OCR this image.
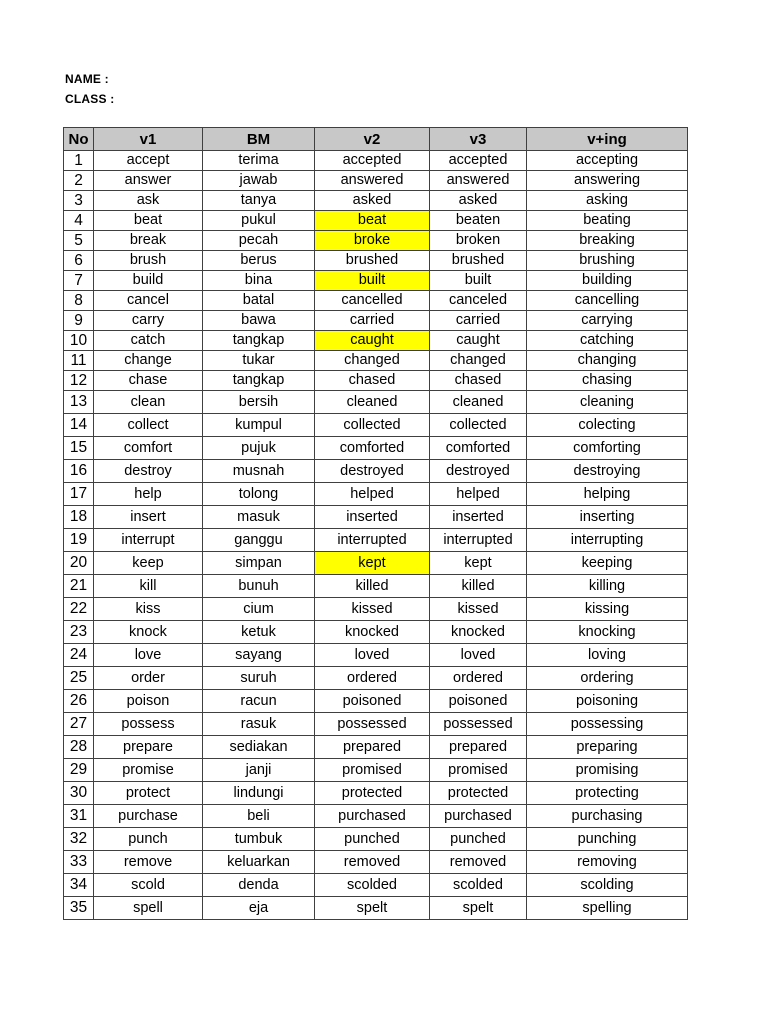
NAME :
CLASS :
No	v1	BM	v2	v3	v+ing
1	accept	terima	accepted	accepted	accepting
2	answer	jawab	answered	answered	answering
3	ask	tanya	asked	asked	asking
4	beat	pukul	beat	beaten	beating
5	break	pecah	broke	broken	breaking
6	brush	berus	brushed	brushed	brushing
7	build	bina	built	built	building
8	cancel	batal	cancelled	canceled	cancelling
9	carry	bawa	carried	carried	carrying
10	catch	tangkap	caught	caught	catching
11	change	tukar	changed	changed	changing
12	chase	tangkap	chased	chased	chasing
13	clean	bersih	cleaned	cleaned	cleaning
14	collect	kumpul	collected	collected	colecting
15	comfort	pujuk	comforted	comforted	comforting
16	destroy	musnah	destroyed	destroyed	destroying
17	help	tolong	helped	helped	helping
18	insert	masuk	inserted	inserted	inserting
19	interrupt	ganggu	interrupted	interrupted	interrupting
20	keep	simpan	kept	kept	keeping
21	kill	bunuh	killed	killed	killing
22	kiss	cium	kissed	kissed	kissing
23	knock	ketuk	knocked	knocked	knocking
24	love	sayang	loved	loved	loving
25	order	suruh	ordered	ordered	ordering
26	poison	racun	poisoned	poisoned	poisoning
27	possess	rasuk	possessed	possessed	possessing
28	prepare	sediakan	prepared	prepared	preparing
29	promise	janji	promised	promised	promising
30	protect	lindungi	protected	protected	protecting
31	purchase	beli	purchased	purchased	purchasing
32	punch	tumbuk	punched	punched	punching
33	remove	keluarkan	removed	removed	removing
34	scold	denda	scolded	scolded	scolding
35	spell	eja	spelt	spelt	spelling
